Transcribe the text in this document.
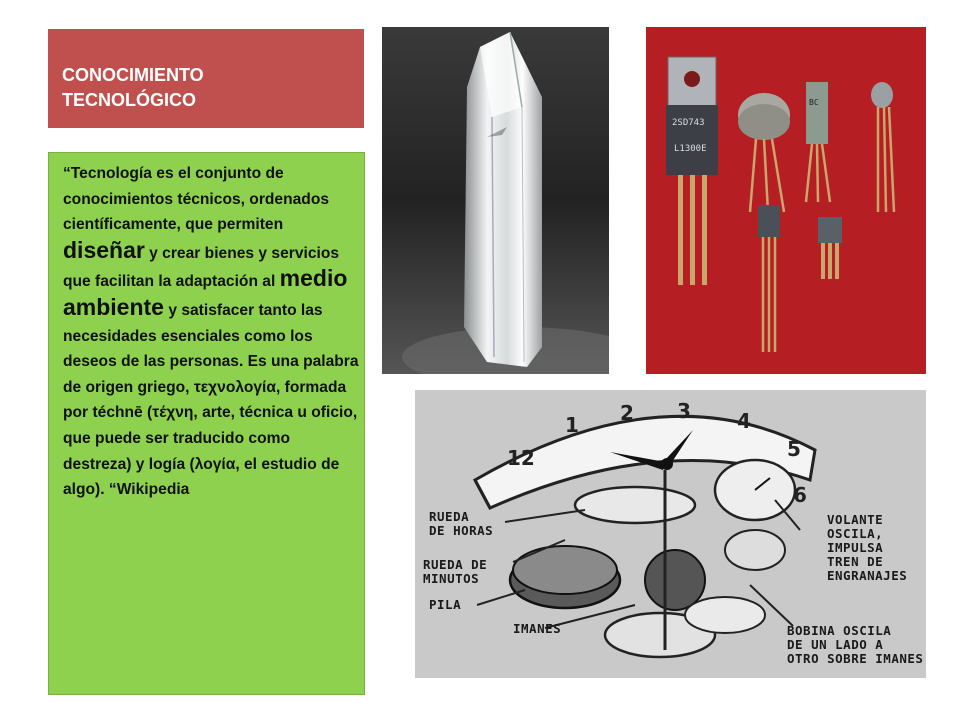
CONOCIMIENTO
TECNOLÓGICO
“Tecnología es el conjunto de conocimientos técnicos, ordenados científicamente, que permiten diseñar y crear bienes y servicios que facilitan la adaptación al medio ambiente y satisfacer tanto las necesidades esenciales como los deseos de las personas. Es una palabra de origen griego, τεχνολογία, formada por téchnē (τέχνη, arte, técnica u oficio, que puede ser traducido como destreza) y logía (λογία, el estudio de algo). “Wikipedia
2SD743
L1300E
BC
12
1 2 3 4
5
6
RUEDA
DE HORAS
RUEDA DE
MINUTOS
PILA
IMANES
VOLANTE
OSCILA,
IMPULSA
TREN DE
ENGRANAJES
BOBINA OSCILA
DE UN LADO A
OTRO SOBRE IMANES
